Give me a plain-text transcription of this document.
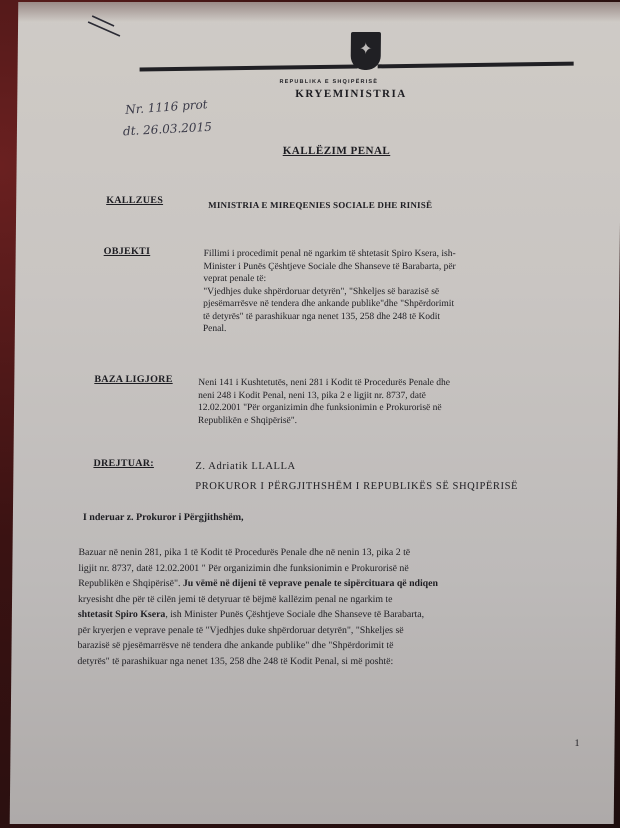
✦
REPUBLIKA E SHQIPËRISË
KRYEMINISTRIA
Nr. 1116 prot
dt. 26.03.2015
KALLËZIM PENAL
KALLZUES	MINISTRIA E MIREQENIES SOCIALE DHE RINISË
OBJEKTI	Fillimi i procedimit penal në ngarkim të shtetasit Spiro Ksera, ish-
Minister i Punës Çështjeve Sociale dhe Shanseve të Barabarta, për
veprat penale të:
"Vjedhjes duke shpërdoruar detyrën", "Shkeljes së barazisë së
pjesëmarrësve në tendera dhe ankande publike"dhe "Shpërdorimit
të detyrës" të parashikuar nga nenet 135, 258 dhe 248 të Kodit
Penal.
BAZA LIGJORE	Neni 141 i Kushtetutës, neni 281 i Kodit të Procedurës Penale dhe
neni 248 i Kodit Penal, neni 13, pika 2 e ligjit nr. 8737, datë
12.02.2001 "Për organizimin dhe funksionimin e Prokurorisë në
Republikën e Shqipërisë".
DREJTUAR:	Z. Adriatik LLALLA
PROKUROR I PËRGJITHSHËM I REPUBLIKËS SË SHQIPËRISË
I nderuar z. Prokuror i Përgjithshëm,
Bazuar në nenin 281, pika 1 të Kodit të Procedurës Penale dhe në nenin 13, pika 2 të
ligjit nr. 8737, datë 12.02.2001 " Për organizimin dhe funksionimin e Prokurorisë në
Republikën e Shqipërisë". Ju vëmë në dijeni të veprave penale te sipërcituara që ndiqen
kryesisht dhe për të cilën jemi të detyruar të bëjmë kallëzim penal ne ngarkim te
shtetasit Spiro Ksera, ish Minister Punës Çështjeve Sociale dhe Shanseve të Barabarta,
për kryerjen e veprave penale të "Vjedhjes duke shpërdoruar detyrën", "Shkeljes së
barazisë së pjesëmarrësve në tendera dhe ankande publike" dhe "Shpërdorimit të
detyrës" të parashikuar nga nenet 135, 258 dhe 248 të Kodit Penal, si më poshtë:
1
